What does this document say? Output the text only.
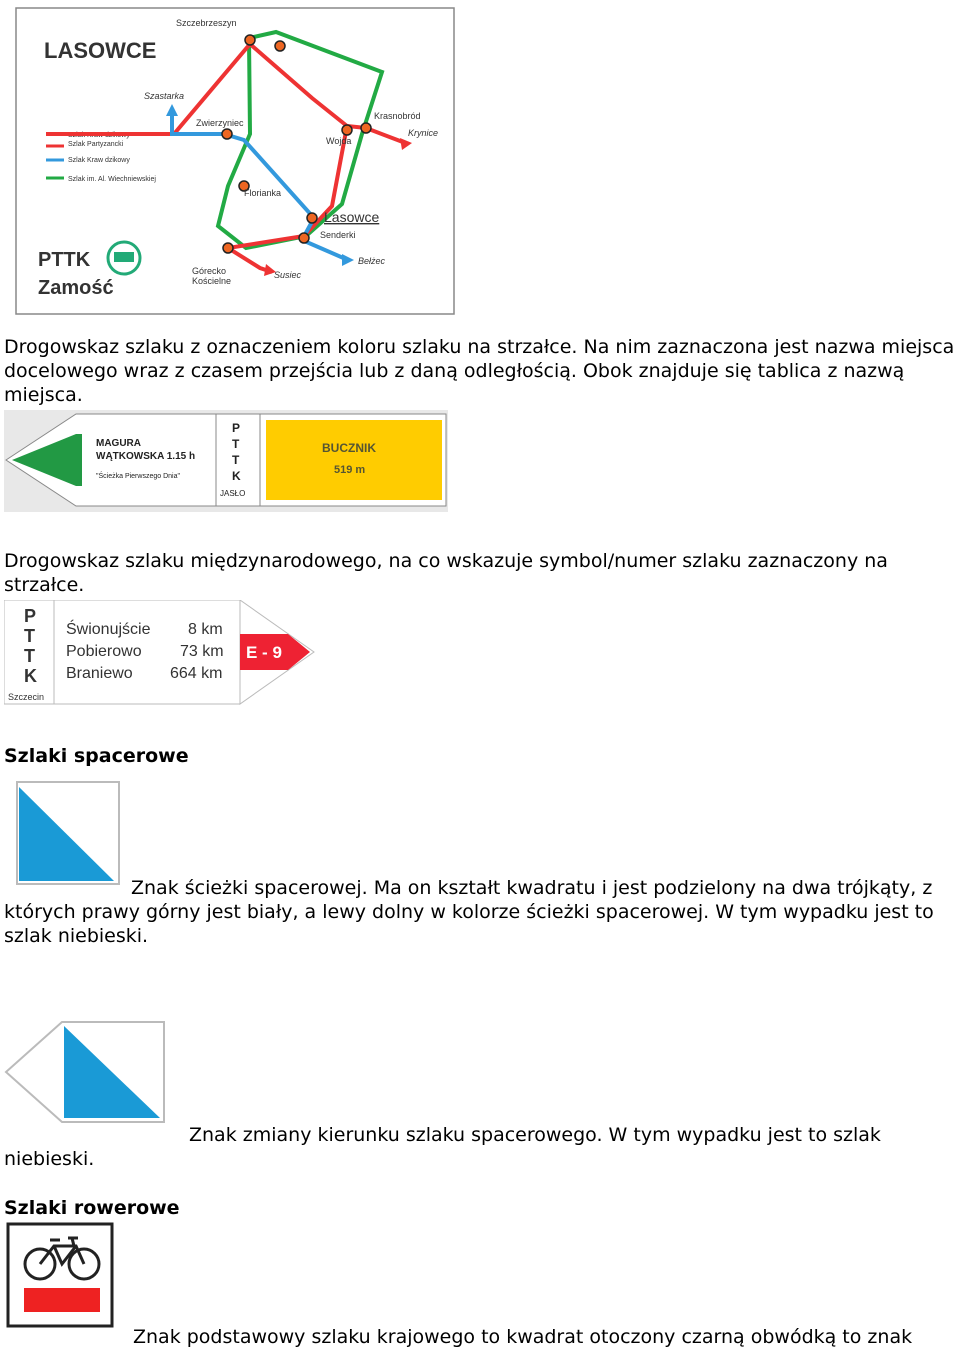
LASOWCE
Szlak Kraw dzikowy
Szlak Partyzancki
Szlak Kraw dzikowy
Szlak im. Al. Wiechniewskiej
Szczebrzeszyn
Szastarka
Zwierzyniec
Krasnobród
Krynice
Wojda
Florianka
Lasowce
Senderki
Górecko
Kościelne
Susiec
Bełżec
PTTK
Zamość
Drogowskaz szlaku z oznaczeniem koloru szlaku na strzałce. Na nim zaznaczona jest nazwa miejsca docelowego wraz z czasem przejścia lub z daną odległością. Obok znajduje się tablica z nazwą miejsca.
MAGURA
WĄTKOWSKA 1.15 h
"Ścieżka Pierwszego Dnia"
P
T
T
K
JASŁO
BUCZNIK
519 m
Drogowskaz szlaku międzynarodowego, na co wskazuje symbol/numer szlaku zaznaczony na strzałce.
P
T
T
K
Szczecin
Świonujście 8 km
Pobierowo 73 km
Braniewo 664 km
E - 9
Szlaki spacerowe
Znak ścieżki spacerowej. Ma on kształt kwadratu i jest podzielony na dwa trójkąty, z
których prawy górny jest biały, a lewy dolny w kolorze ścieżki spacerowej. W tym wypadku jest to szlak niebieski.
Znak zmiany kierunku szlaku spacerowego. W tym wypadku jest to szlak
niebieski.
Szlaki rowerowe
Znak podstawowy szlaku krajowego to kwadrat otoczony czarną obwódką to znak
